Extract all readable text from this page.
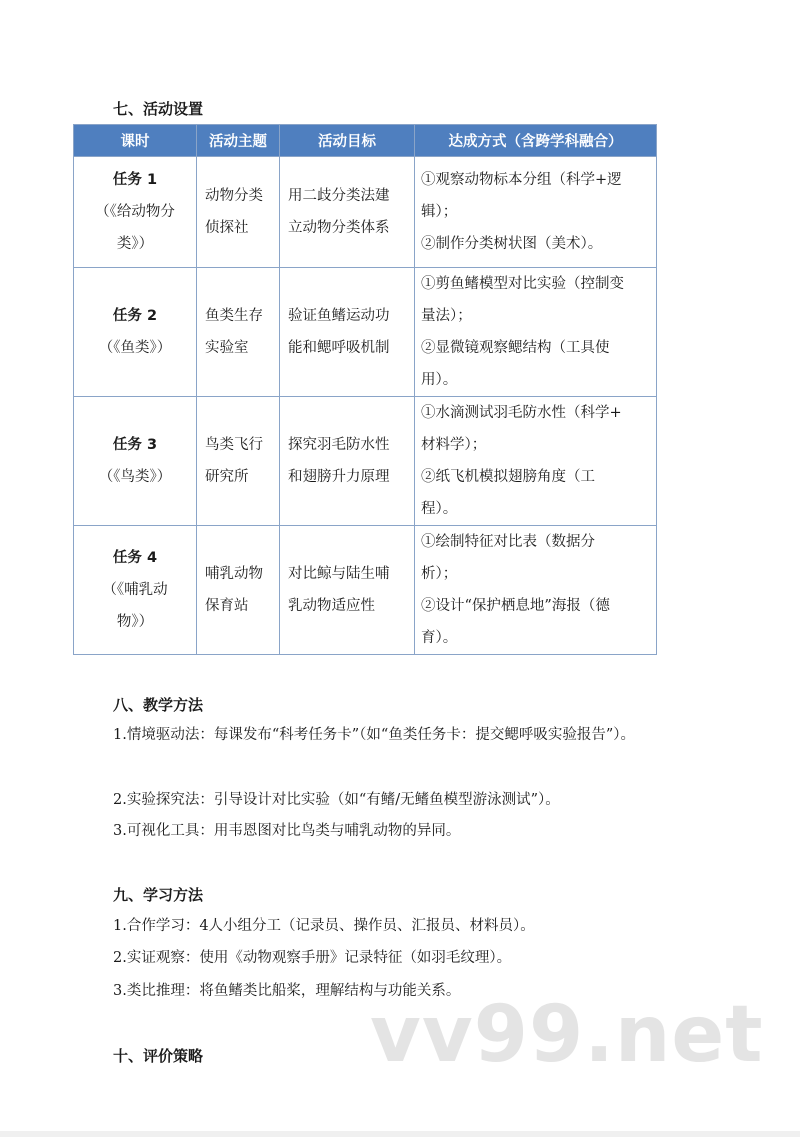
七、活动设置
课时	活动主题	活动目标	达成方式（含跨学科融合）

任务 1
（《给动物分
类》）	动物分类
侦探社	用二歧分类法建
立动物分类体系	①观察动物标本分组（科学+逻
辑）；
②制作分类树状图（美术）。

任务 2
（《鱼类》）	鱼类生存
实验室	验证鱼鳍运动功
能和鳃呼吸机制	①剪鱼鳍模型对比实验（控制变
量法）；
②显微镜观察鳃结构（工具使
用）。

任务 3
（《鸟类》）	鸟类飞行
研究所	探究羽毛防水性
和翅膀升力原理	①水滴测试羽毛防水性（科学+
材料学）；
②纸飞机模拟翅膀角度（工
程）。

任务 4
（《哺乳动
物》）	哺乳动物
保育站	对比鲸与陆生哺
乳动物适应性	①绘制特征对比表（数据分
析）；
②设计“保护栖息地”海报（德
育）。
八、教学方法
1.情境驱动法：每课发布“科考任务卡”（如“鱼类任务卡：提交鳃呼吸实验报告”）。
2.实验探究法：引导设计对比实验（如“有鳍/无鳍鱼模型游泳测试”）。
3.可视化工具：用韦恩图对比鸟类与哺乳动物的异同。
九、学习方法
1.合作学习：4人小组分工（记录员、操作员、汇报员、材料员）。
2.实证观察：使用《动物观察手册》记录特征（如羽毛纹理）。
3.类比推理：将鱼鳍类比船桨，理解结构与功能关系。
十、评价策略 vv99.net
